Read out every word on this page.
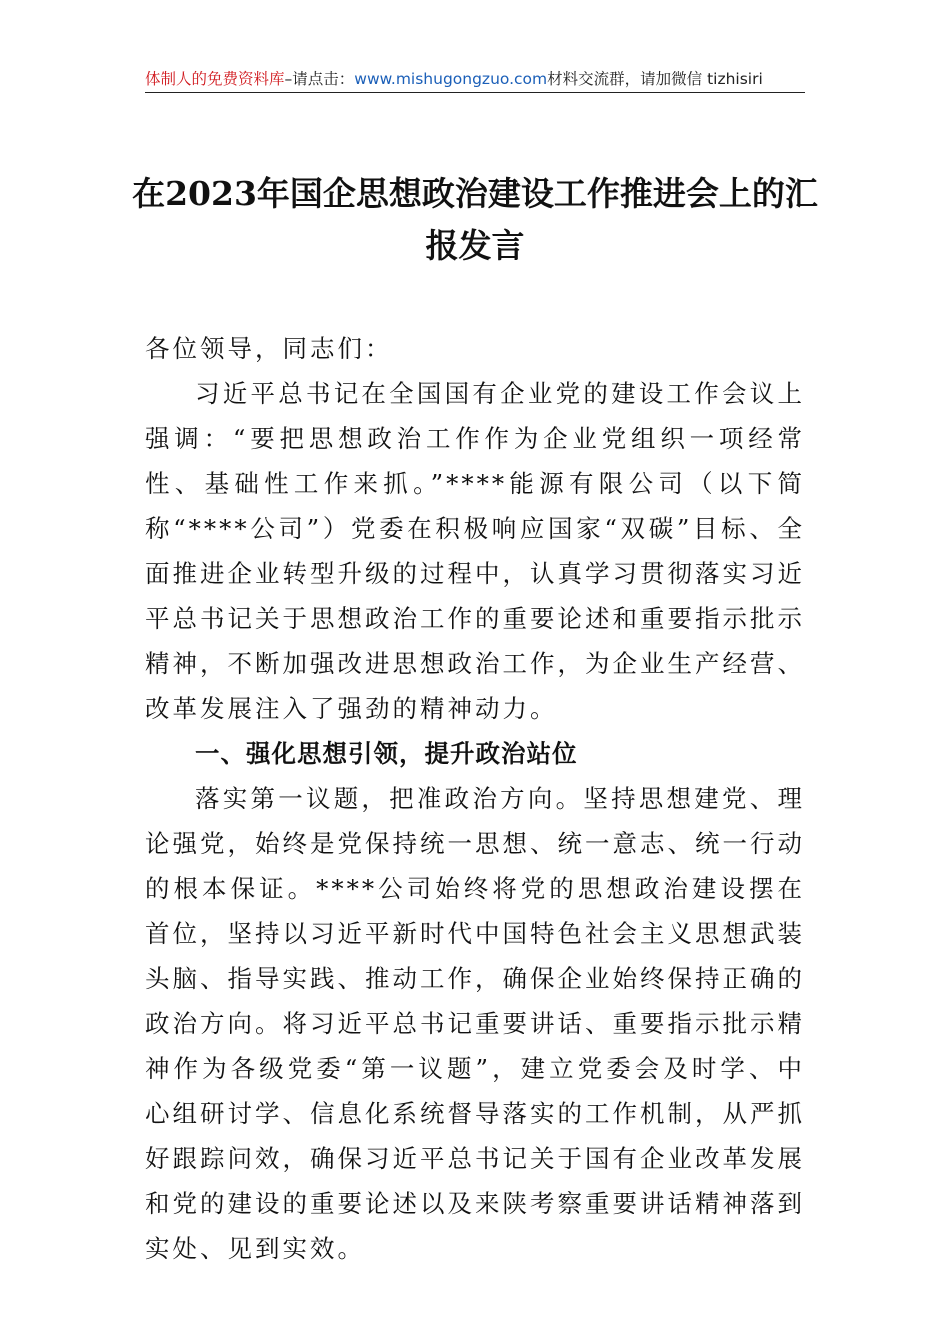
体制人的免费资料库–请点击：www.mishugongzuo.com材料交流群，请加微信 tizhisiri
在2023年国企思想政治建设工作推进会上的汇报发言

各位领导，同志们：

习近平总书记在全国国有企业党的建设工作会议上强调：“要把思想政治工作作为企业党组织一项经常性、基础性工作来抓。”****能源有限公司（以下简称“****公司”）党委在积极响应国家“双碳”目标、全面推进企业转型升级的过程中，认真学习贯彻落实习近平总书记关于思想政治工作的重要论述和重要指示批示精神，不断加强改进思想政治工作，为企业生产经营、改革发展注入了强劲的精神动力。

一、强化思想引领，提升政治站位

落实第一议题，把准政治方向。坚持思想建党、理论强党，始终是党保持统一思想、统一意志、统一行动的根本保证。****公司始终将党的思想政治建设摆在首位，坚持以习近平新时代中国特色社会主义思想武装头脑、指导实践、推动工作，确保企业始终保持正确的政治方向。将习近平总书记重要讲话、重要指示批示精神作为各级党委“第一议题”，建立党委会及时学、中心组研讨学、信息化系统督导落实的工作机制，从严抓好跟踪问效，确保习近平总书记关于国有企业改革发展和党的建设的重要论述以及来陕考察重要讲话精神落到实处、见到实效。
